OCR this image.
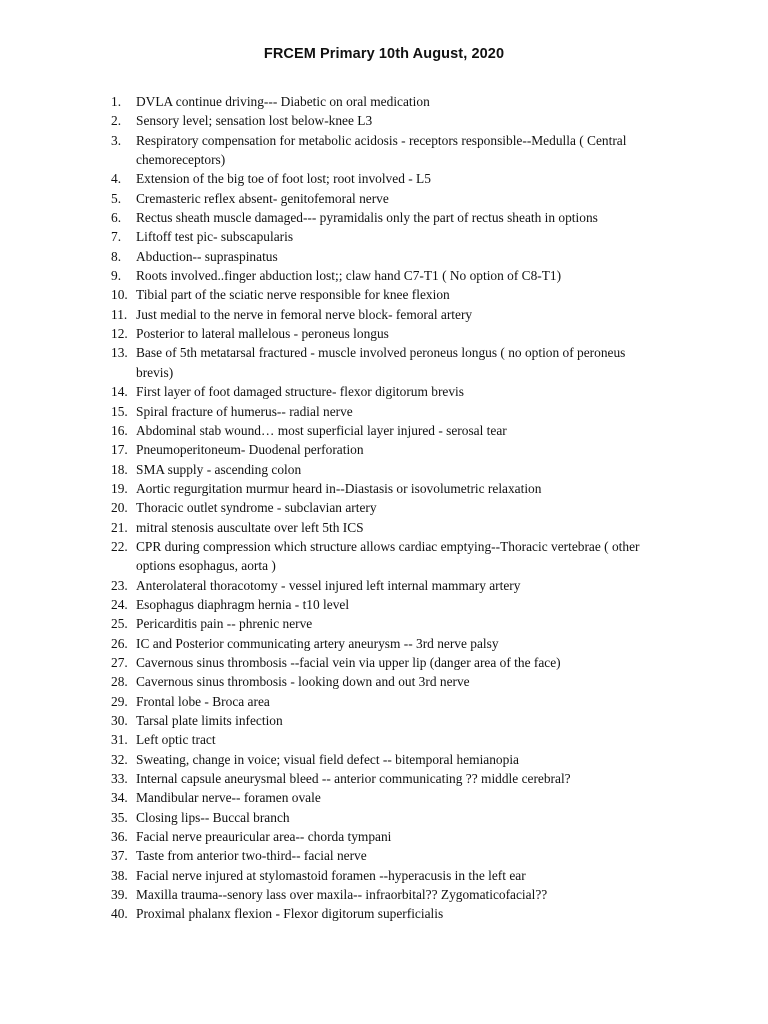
FRCEM Primary 10th August, 2020
1.	DVLA continue driving--- Diabetic on oral medication
2.	Sensory level; sensation lost below-knee L3
3.	Respiratory compensation for metabolic acidosis - receptors responsible--Medulla ( Central chemoreceptors)
4.	Extension of the big toe of foot lost; root involved - L5
5.	Cremasteric reflex absent- genitofemoral nerve
6.	Rectus sheath muscle damaged--- pyramidalis only the part of rectus sheath in options
7.	Liftoff test pic- subscapularis
8.	Abduction-- supraspinatus
9.	Roots involved..finger abduction lost;; claw hand C7-T1 ( No option of C8-T1)
10. Tibial part of the sciatic nerve responsible for knee flexion
11. Just medial to the nerve in femoral nerve block- femoral artery
12. Posterior to lateral mallelous - peroneus longus
13. Base of 5th metatarsal fractured - muscle involved peroneus longus ( no option of peroneus brevis)
14. First layer of foot damaged structure- flexor digitorum brevis
15. Spiral fracture of humerus-- radial nerve
16. Abdominal stab wound… most superficial layer injured - serosal tear
17. Pneumoperitoneum- Duodenal perforation
18. SMA supply - ascending colon
19. Aortic regurgitation murmur heard in--Diastasis or isovolumetric relaxation
20. Thoracic outlet syndrome - subclavian artery
21. mitral stenosis auscultate over left 5th ICS
22. CPR during compression which structure allows cardiac emptying--Thoracic vertebrae ( other options esophagus, aorta )
23. Anterolateral thoracotomy - vessel injured left internal mammary artery
24. Esophagus diaphragm hernia - t10 level
25. Pericarditis pain -- phrenic nerve
26. IC and Posterior communicating artery aneurysm -- 3rd nerve palsy
27. Cavernous sinus thrombosis --facial vein via upper lip (danger area of the face)
28. Cavernous sinus thrombosis - looking down and out 3rd nerve
29. Frontal lobe - Broca area
30. Tarsal plate limits infection
31. Left optic tract
32. Sweating, change in voice; visual field defect -- bitemporal hemianopia
33. Internal capsule aneurysmal bleed -- anterior communicating ?? middle cerebral?
34. Mandibular nerve-- foramen ovale
35. Closing lips-- Buccal branch
36. Facial nerve preauricular area-- chorda tympani
37. Taste from anterior two-third-- facial nerve
38. Facial nerve injured at stylomastoid foramen --hyperacusis in the left ear
39. Maxilla trauma--senory lass over maxila-- infraorbital?? Zygomaticofacial??
40. Proximal phalanx flexion - Flexor digitorum superficialis
